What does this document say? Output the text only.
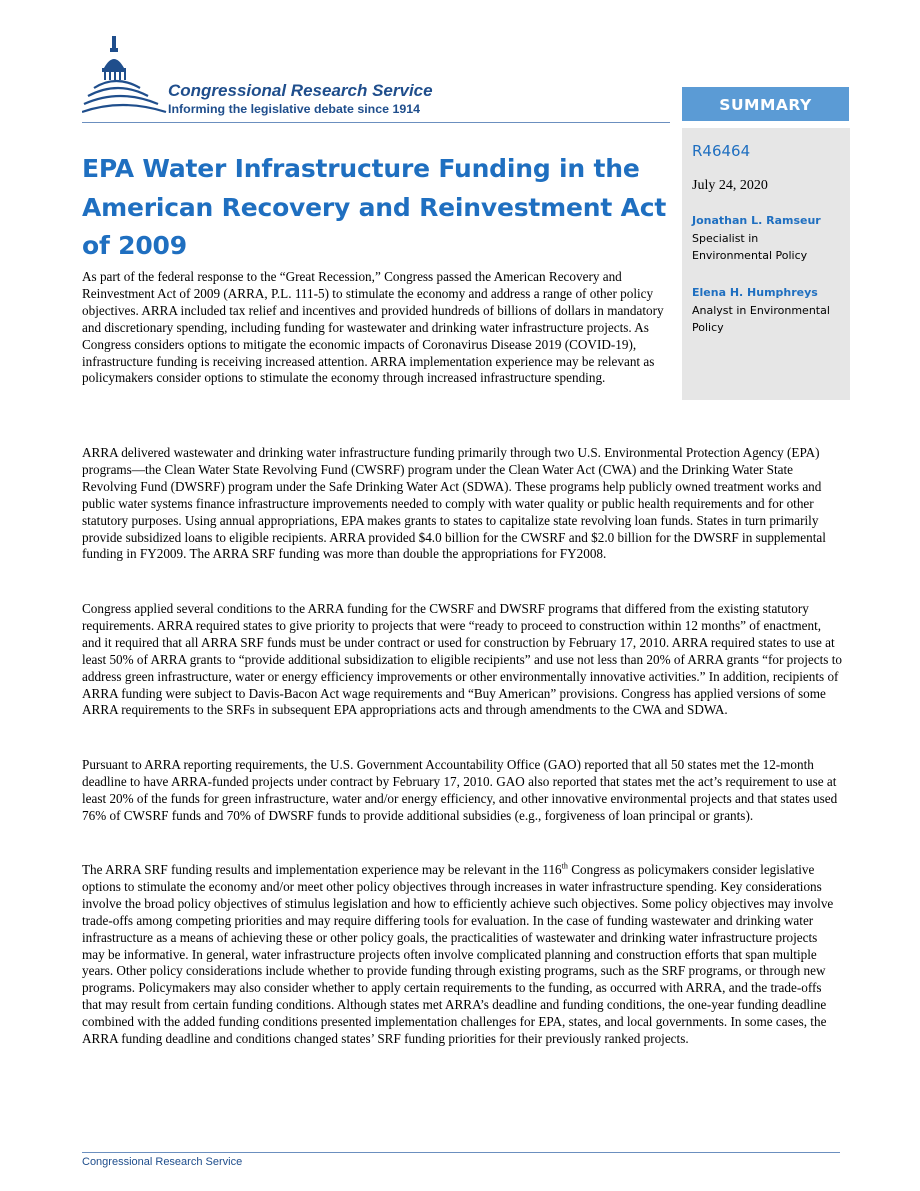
Congressional Research Service
Informing the legislative debate since 1914	SUMMARY

R46464

July 24, 2020

Jonathan L. Ramseur

Specialist in Environmental Policy

Elena H. Humphreys

Analyst in Environmental Policy

EPA Water Infrastructure Funding in the American Recovery and Reinvestment Act of 2009

As part of the federal response to the “Great Recession,” Congress passed the American Recovery and Reinvestment Act of 2009 (ARRA, P.L. 111-5) to stimulate the economy and address a range of other policy objectives. ARRA included tax relief and incentives and provided hundreds of billions of dollars in mandatory and discretionary spending, including funding for wastewater and drinking water infrastructure projects. As Congress considers options to mitigate the economic impacts of Coronavirus Disease 2019 (COVID-19), infrastructure funding is receiving increased attention. ARRA implementation experience may be relevant as policymakers consider options to stimulate the economy through increased infrastructure spending.

ARRA delivered wastewater and drinking water infrastructure funding primarily through two U.S. Environmental Protection Agency (EPA) programs—the Clean Water State Revolving Fund (CWSRF) program under the Clean Water Act (CWA) and the Drinking Water State Revolving Fund (DWSRF) program under the Safe Drinking Water Act (SDWA). These programs help publicly owned treatment works and public water systems finance infrastructure improvements needed to comply with water quality or public health requirements and for other statutory purposes. Using annual appropriations, EPA makes grants to states to capitalize state revolving loan funds. States in turn primarily provide subsidized loans to eligible recipients. ARRA provided $4.0 billion for the CWSRF and $2.0 billion for the DWSRF in supplemental funding in FY2009. The ARRA SRF funding was more than double the appropriations for FY2008.

Congress applied several conditions to the ARRA funding for the CWSRF and DWSRF programs that differed from the existing statutory requirements. ARRA required states to give priority to projects that were “ready to proceed to construction within 12 months” of enactment, and it required that all ARRA SRF funds must be under contract or used for construction by February 17, 2010. ARRA required states to use at least 50% of ARRA grants to “provide additional subsidization to eligible recipients” and use not less than 20% of ARRA grants “for projects to address green infrastructure, water or energy efficiency improvements or other environmentally innovative activities.” In addition, recipients of ARRA funding were subject to Davis-Bacon Act wage requirements and “Buy American” provisions. Congress has applied versions of some ARRA requirements to the SRFs in subsequent EPA appropriations acts and through amendments to the CWA and SDWA.

Pursuant to ARRA reporting requirements, the U.S. Government Accountability Office (GAO) reported that all 50 states met the 12-month deadline to have ARRA-funded projects under contract by February 17, 2010. GAO also reported that states met the act’s requirement to use at least 20% of the funds for green infrastructure, water and/or energy efficiency, and other innovative environmental projects and that states used 76% of CWSRF funds and 70% of DWSRF funds to provide additional subsidies (e.g., forgiveness of loan principal or grants).

The ARRA SRF funding results and implementation experience may be relevant in the 116th Congress as policymakers consider legislative options to stimulate the economy and/or meet other policy objectives through increases in water infrastructure spending. Key considerations involve the broad policy objectives of stimulus legislation and how to efficiently achieve such objectives. Some policy objectives may involve trade-offs among competing priorities and may require differing tools for evaluation. In the case of funding wastewater and drinking water infrastructure as a means of achieving these or other policy goals, the practicalities of wastewater and drinking water infrastructure projects may be informative. In general, water infrastructure projects often involve complicated planning and construction efforts that span multiple years. Other policy considerations include whether to provide funding through existing programs, such as the SRF programs, or through new programs. Policymakers may also consider whether to apply certain requirements to the funding, as occurred with ARRA, and the trade-offs that may result from certain funding conditions. Although states met ARRA’s deadline and funding conditions, the one-year funding deadline combined with the added funding conditions presented implementation challenges for EPA, states, and local governments. In some cases, the ARRA funding deadline and conditions changed states’ SRF funding priorities for their previously ranked projects.

Congressional Research Service
